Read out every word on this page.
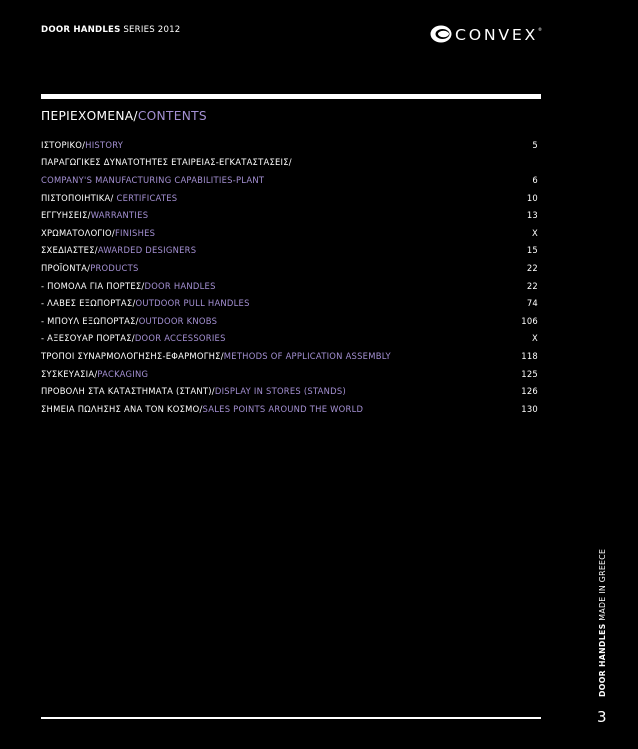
DOOR HANDLES SERIES 2012	CONVEX ®
ΠΕΡΙΕΧΟΜΕΝΑ/CONTENTS
ΙΣΤΟΡΙΚΟ/HISTORY	5
ΠΑΡΑΓΩΓΙΚΕΣ ΔΥΝΑΤΟΤΗΤΕΣ ΕΤΑΙΡΕΙΑΣ-ΕΓΚΑΤΑΣΤΑΣΕΙΣ/
COMPANY'S MANUFACTURING CAPABILITIES-PLANT	6
ΠΙΣΤΟΠΟΙΗΤΙΚΑ/ CERTIFICATES	10
ΕΓΓΥΗΣΕΙΣ/WARRANTIES	13
ΧΡΩΜΑΤΟΛΟΓΙΟ/FINISHES	X
ΣΧΕΔΙΑΣΤΕΣ/AWARDED DESIGNERS	15
ΠΡΟΪΟΝΤΑ/PRODUCTS	22
- ΠΟΜΟΛΑ ΓΙΑ ΠΟΡΤΕΣ/DOOR HANDLES	22
- ΛΑΒΕΣ ΕΞΩΠΟΡΤΑΣ/OUTDOOR PULL HANDLES	74
- ΜΠΟΥΛ ΕΞΩΠΟΡΤΑΣ/OUTDOOR KNOBS	106
- ΑΞΕΣΟΥΑΡ ΠΟΡΤΑΣ/DOOR ACCESSORIES	X
ΤΡΟΠΟΙ ΣΥΝΑΡΜΟΛΟΓΗΣΗΣ-ΕΦΑΡΜΟΓΗΣ/METHODS OF APPLICATION ASSEMBLY	118
ΣΥΣΚΕΥΑΣΙΑ/PACKAGING	125
ΠΡΟΒΟΛΗ ΣΤΑ ΚΑΤΑΣΤΗΜΑΤΑ (ΣΤΑΝΤ)/DISPLAY IN STORES (STANDS)	126
ΣΗΜΕΙΑ ΠΩΛΗΣΗΣ ΑΝΑ ΤΟΝ ΚΟΣΜΟ/SALES POINTS AROUND THE WORLD	130
DOOR HANDLES MADE IN GREECE
3
